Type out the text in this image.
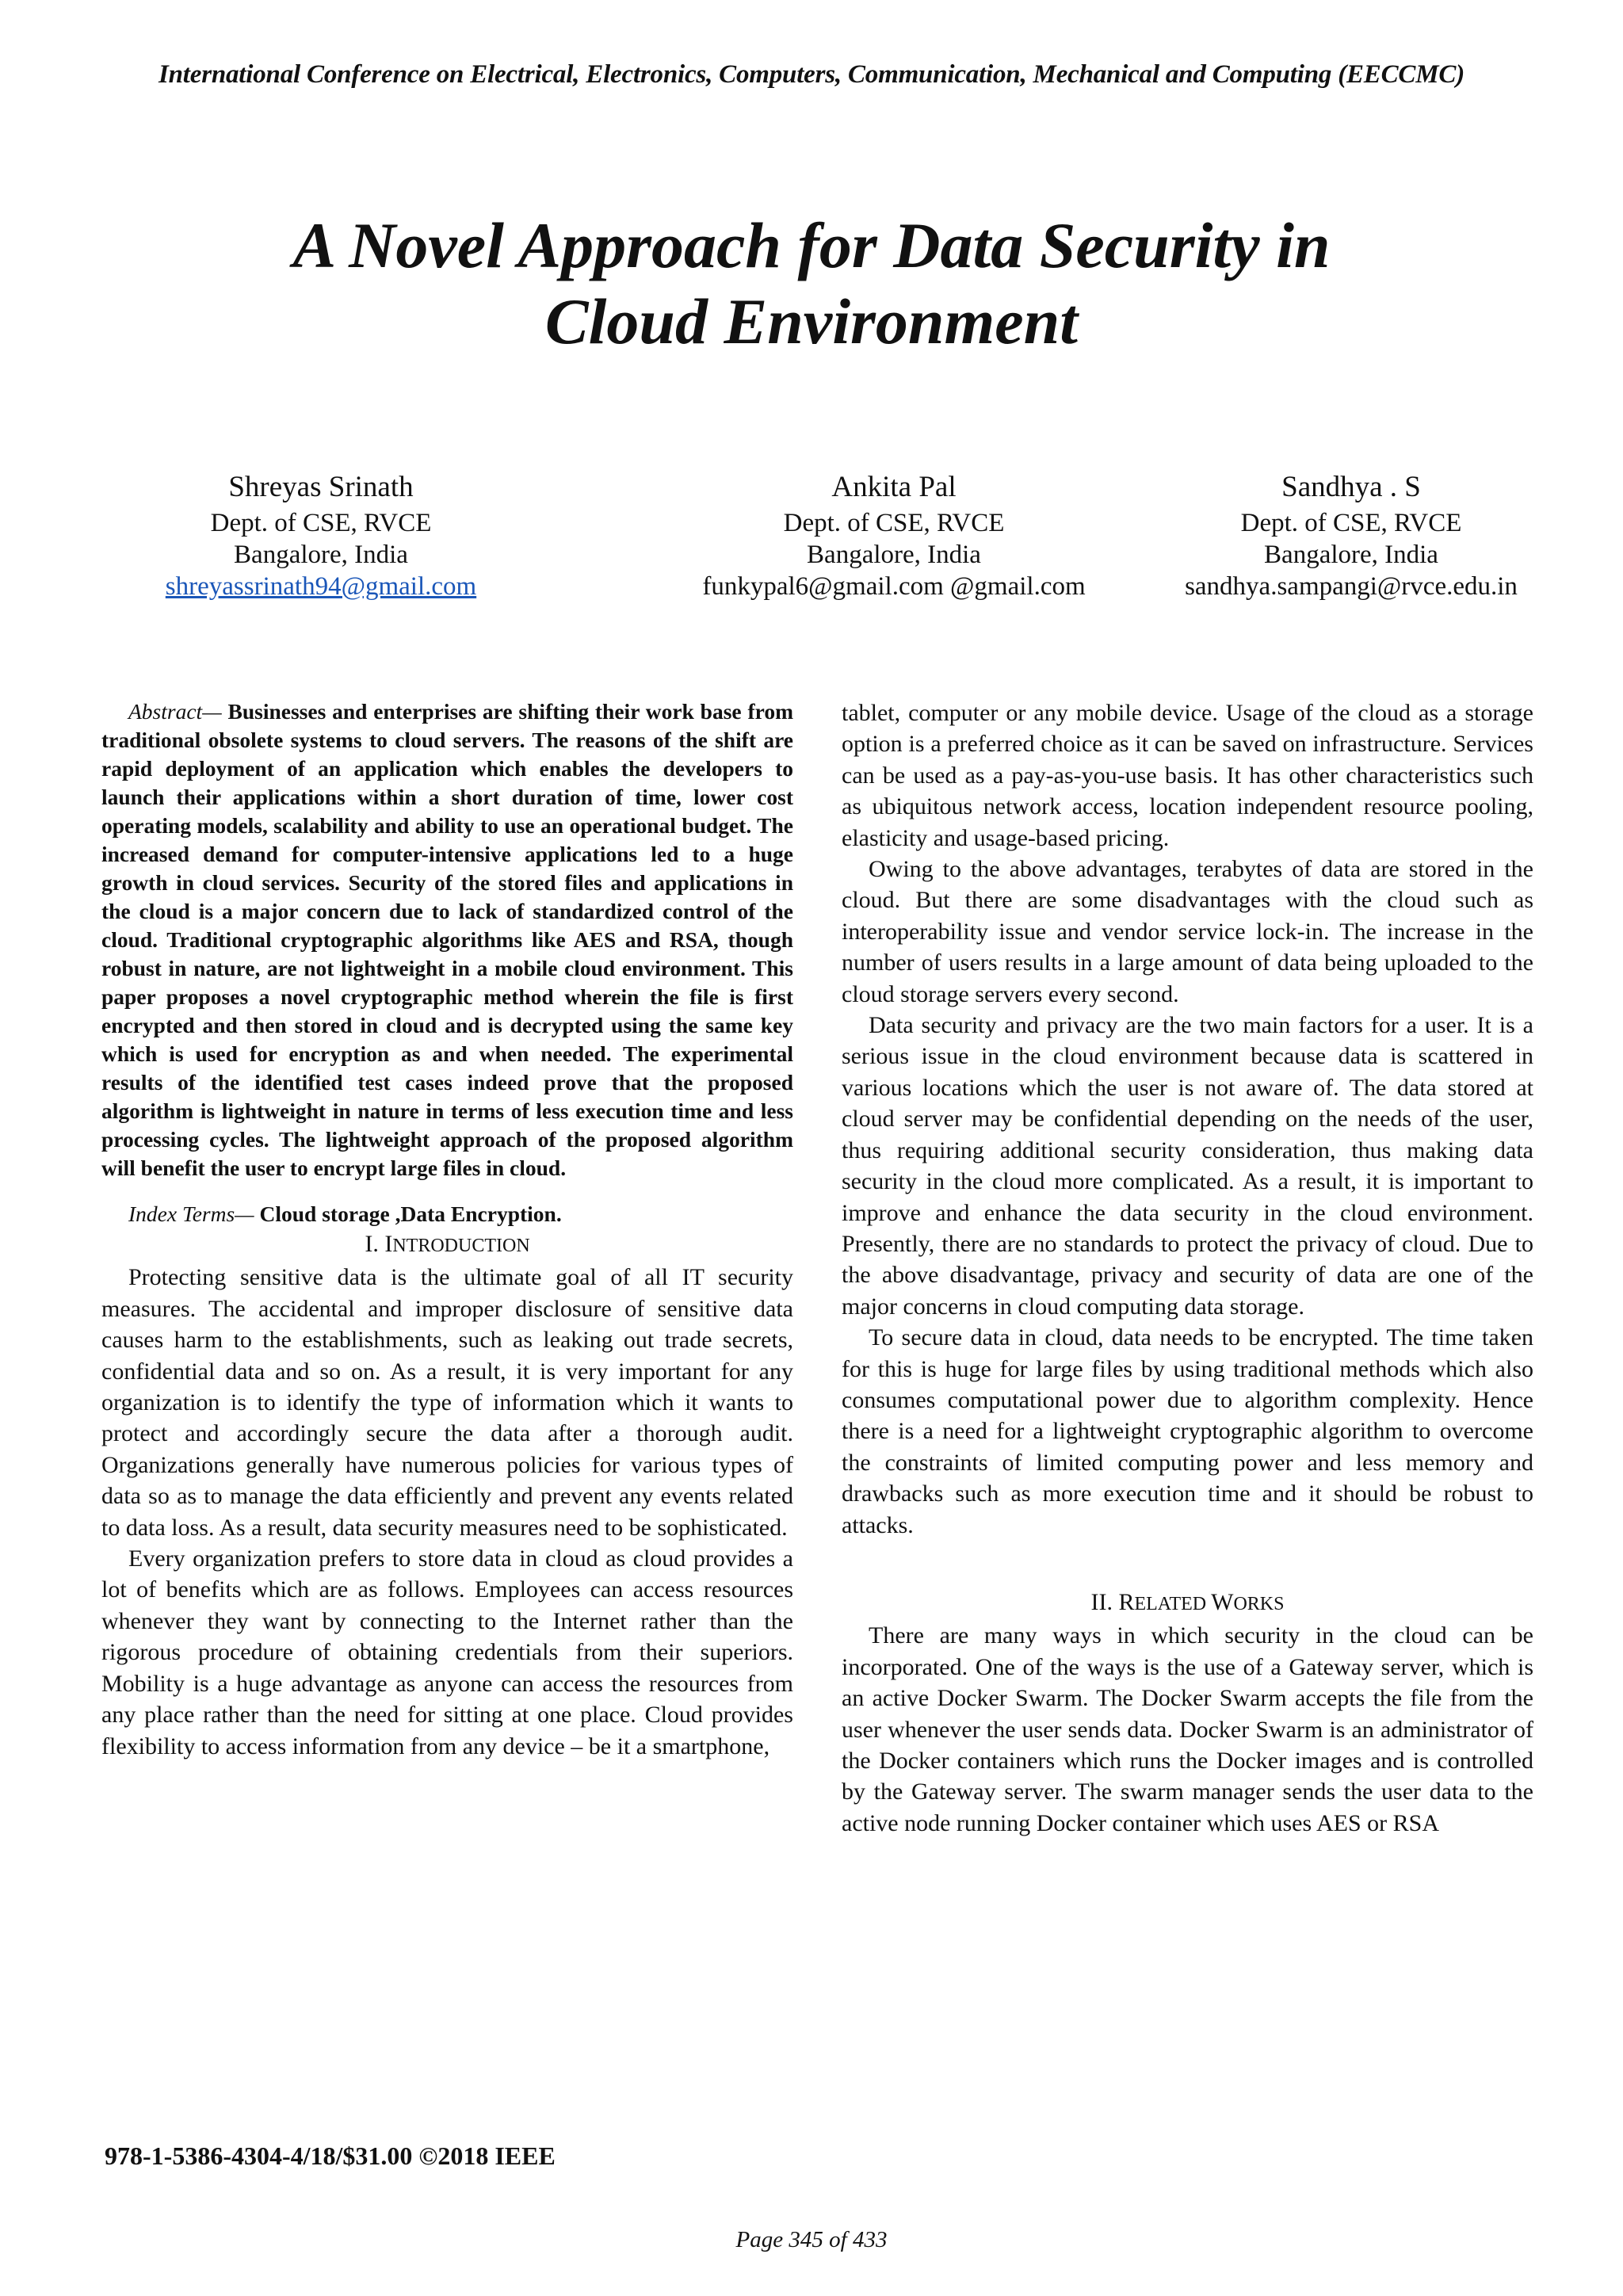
International Conference on Electrical, Electronics, Computers, Communication, Mechanical and Computing (EECCMC)
A Novel Approach for Data Security in
Cloud Environment
Shreyas Srinath
Dept. of CSE, RVCE
Bangalore, India
shreyassrinath94@gmail.com
Ankita Pal
Dept. of CSE, RVCE
Bangalore, India
funkypal6@gmail.com @gmail.com
Sandhya . S
Dept. of CSE, RVCE
Bangalore, India
sandhya.sampangi@rvce.edu.in

Abstract— Businesses and enterprises are shifting their work base from traditional obsolete systems to cloud servers. The reasons of the shift are rapid deployment of an application which enables the developers to launch their applications within a short duration of time, lower cost operating models, scalability and ability to use an operational budget. The increased demand for computer-intensive applications led to a huge growth in cloud services. Security of the stored files and applications in the cloud is a major concern due to lack of standardized control of the cloud. Traditional cryptographic algorithms like AES and RSA, though robust in nature, are not lightweight in a mobile cloud environment. This paper proposes a novel cryptographic method wherein the file is first encrypted and then stored in cloud and is decrypted using the same key which is used for encryption as and when needed. The experimental results of the identified test cases indeed prove that the proposed algorithm is lightweight in nature in terms of less execution time and less processing cycles. The lightweight approach of the proposed algorithm will benefit the user to encrypt large files in cloud.

Index Terms— Cloud storage ,Data Encryption.

I. INTRODUCTION

Protecting sensitive data is the ultimate goal of all IT security measures. The accidental and improper disclosure of sensitive data causes harm to the establishments, such as leaking out trade secrets, confidential data and so on. As a result, it is very important for any organization is to identify the type of information which it wants to protect and accordingly secure the data after a thorough audit. Organizations generally have numerous policies for various types of data so as to manage the data efficiently and prevent any events related to data loss. As a result, data security measures need to be sophisticated.

Every organization prefers to store data in cloud as cloud provides a lot of benefits which are as follows. Employees can access resources whenever they want by connecting to the Internet rather than the rigorous procedure of obtaining credentials from their superiors. Mobility is a huge advantage as anyone can access the resources from any place rather than the need for sitting at one place. Cloud provides flexibility to access information from any device – be it a smartphone,

tablet, computer or any mobile device. Usage of the cloud as a storage option is a preferred choice as it can be saved on infrastructure. Services can be used as a pay-as-you-use basis. It has other characteristics such as ubiquitous network access, location independent resource pooling, elasticity and usage-based pricing.

Owing to the above advantages, terabytes of data are stored in the cloud. But there are some disadvantages with the cloud such as interoperability issue and vendor service lock-in. The increase in the number of users results in a large amount of data being uploaded to the cloud storage servers every second.

Data security and privacy are the two main factors for a user. It is a serious issue in the cloud environment because data is scattered in various locations which the user is not aware of. The data stored at cloud server may be confidential depending on the needs of the user, thus requiring additional security consideration, thus making data security in the cloud more complicated. As a result, it is important to improve and enhance the data security in the cloud environment. Presently, there are no standards to protect the privacy of cloud. Due to the above disadvantage, privacy and security of data are one of the major concerns in cloud computing data storage.

To secure data in cloud, data needs to be encrypted. The time taken for this is huge for large files by using traditional methods which also consumes computational power due to algorithm complexity. Hence there is a need for a lightweight cryptographic algorithm to overcome the constraints of limited computing power and less memory and drawbacks such as more execution time and it should be robust to attacks.

II. RELATED WORKS

There are many ways in which security in the cloud can be incorporated. One of the ways is the use of a Gateway server, which is an active Docker Swarm. The Docker Swarm accepts the file from the user whenever the user sends data. Docker Swarm is an administrator of the Docker containers which runs the Docker images and is controlled by the Gateway server. The swarm manager sends the user data to the active node running Docker container which uses AES or RSA

978-1-5386-4304-4/18/$31.00 ©2018 IEEE
Page 345 of 433
